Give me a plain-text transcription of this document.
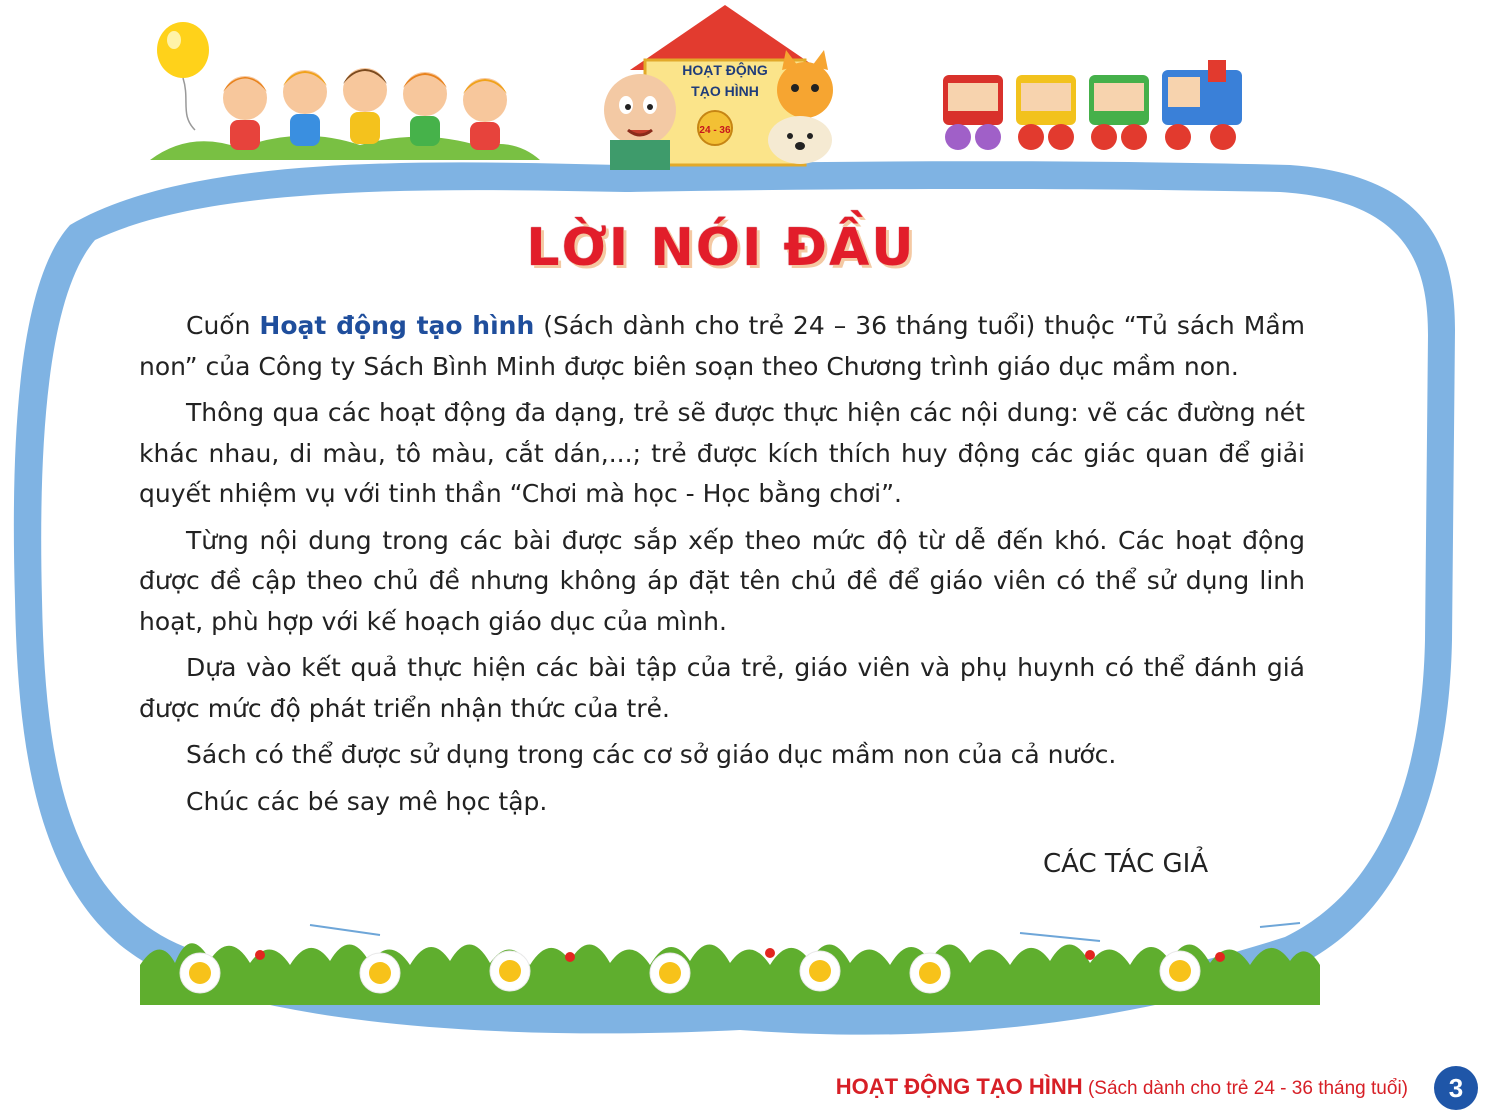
HOẠT ĐỘNG
TẠO HÌNH
24 - 36
LỜI NÓI ĐẦU

Cuốn Hoạt động tạo hình (Sách dành cho trẻ 24 – 36 tháng tuổi) thuộc “Tủ sách Mầm non” của Công ty Sách Bình Minh được biên soạn theo Chương trình giáo dục mầm non.

Thông qua các hoạt động đa dạng, trẻ sẽ được thực hiện các nội dung: vẽ các đường nét khác nhau, di màu, tô màu, cắt dán,...; trẻ được kích thích huy động các giác quan để giải quyết nhiệm vụ với tinh thần “Chơi mà học - Học bằng chơi”.

Từng nội dung trong các bài được sắp xếp theo mức độ từ dễ đến khó. Các hoạt động được đề cập theo chủ đề nhưng không áp đặt tên chủ đề để giáo viên có thể sử dụng linh hoạt, phù hợp với kế hoạch giáo dục của mình.

Dựa vào kết quả thực hiện các bài tập của trẻ, giáo viên và phụ huynh có thể đánh giá được mức độ phát triển nhận thức của trẻ.

Sách có thể được sử dụng trong các cơ sở giáo dục mầm non của cả nước.

Chúc các bé say mê học tập.

CÁC TÁC GIẢ
HOẠT ĐỘNG TẠO HÌNH (Sách dành cho trẻ 24 - 36 tháng tuổi)	3
